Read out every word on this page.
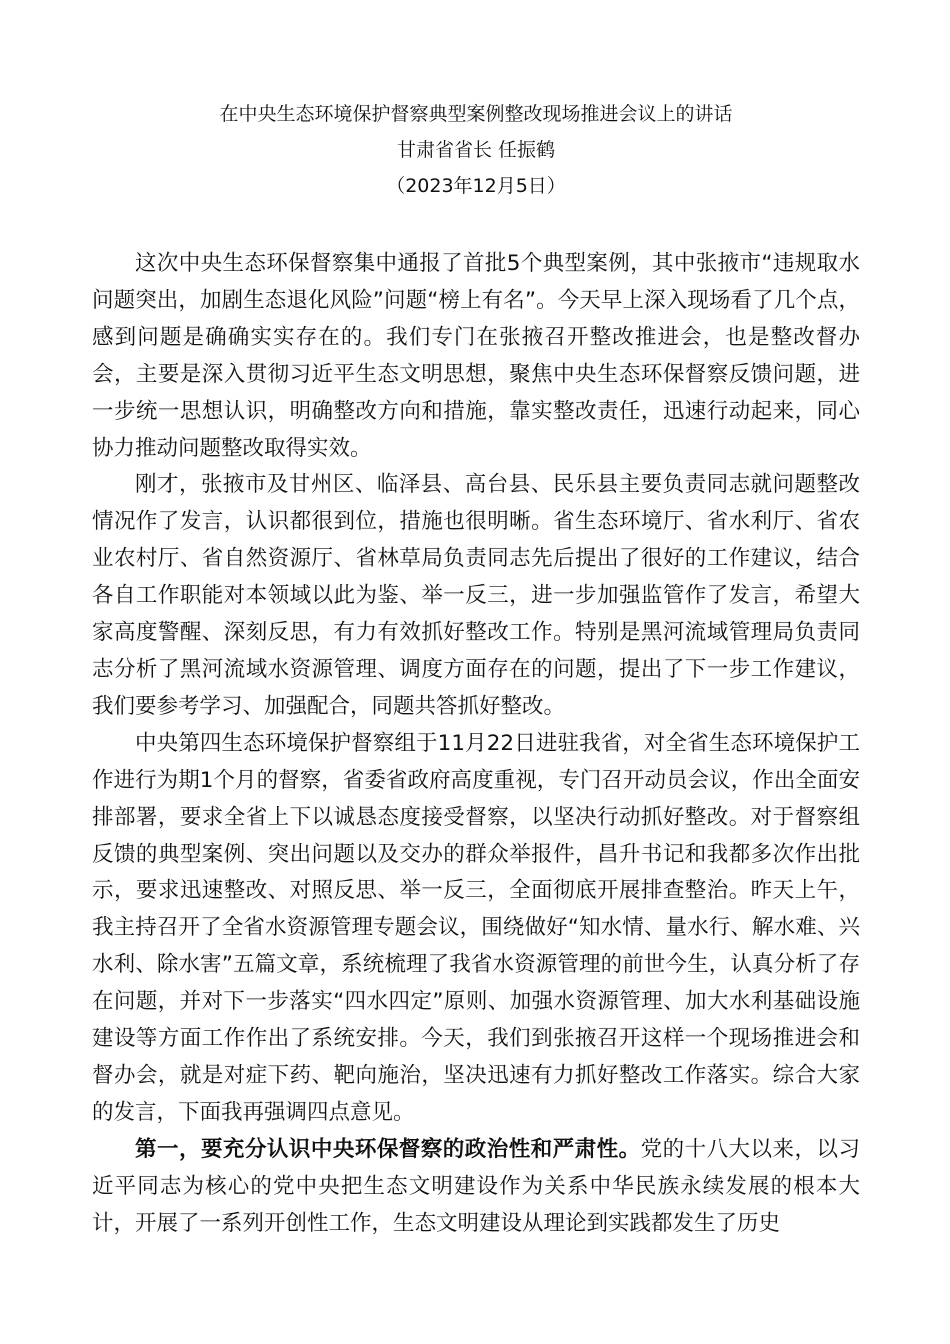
在中央生态环境保护督察典型案例整改现场推进会议上的讲话
甘肃省省长 任振鹤
（2023年12月5日）

这次中央生态环保督察集中通报了首批5个典型案例，其中张掖市“违规取水问题突出，加剧生态退化风险”问题“榜上有名”。今天早上深入现场看了几个点，感到问题是确确实实存在的。我们专门在张掖召开整改推进会，也是整改督办会，主要是深入贯彻习近平生态文明思想，聚焦中央生态环保督察反馈问题，进一步统一思想认识，明确整改方向和措施，靠实整改责任，迅速行动起来，同心协力推动问题整改取得实效。

刚才，张掖市及甘州区、临泽县、高台县、民乐县主要负责同志就问题整改情况作了发言，认识都很到位，措施也很明晰。省生态环境厅、省水利厅、省农业农村厅、省自然资源厅、省林草局负责同志先后提出了很好的工作建议，结合各自工作职能对本领域以此为鉴、举一反三，进一步加强监管作了发言，希望大家高度警醒、深刻反思，有力有效抓好整改工作。特别是黑河流域管理局负责同志分析了黑河流域水资源管理、调度方面存在的问题，提出了下一步工作建议，我们要参考学习、加强配合，同题共答抓好整改。

中央第四生态环境保护督察组于11月22日进驻我省，对全省生态环境保护工作进行为期1个月的督察，省委省政府高度重视，专门召开动员会议，作出全面安排部署，要求全省上下以诚恳态度接受督察，以坚决行动抓好整改。对于督察组反馈的典型案例、突出问题以及交办的群众举报件，昌升书记和我都多次作出批示，要求迅速整改、对照反思、举一反三，全面彻底开展排查整治。昨天上午，我主持召开了全省水资源管理专题会议，围绕做好“知水情、量水行、解水难、兴水利、除水害”五篇文章，系统梳理了我省水资源管理的前世今生，认真分析了存在问题，并对下一步落实“四水四定”原则、加强水资源管理、加大水利基础设施建设等方面工作作出了系统安排。今天，我们到张掖召开这样一个现场推进会和督办会，就是对症下药、靶向施治，坚决迅速有力抓好整改工作落实。综合大家的发言，下面我再强调四点意见。

第一，要充分认识中央环保督察的政治性和严肃性。党的十八大以来，以习近平同志为核心的党中央把生态文明建设作为关系中华民族永续发展的根本大计，开展了一系列开创性工作，生态文明建设从理论到实践都发生了历史
